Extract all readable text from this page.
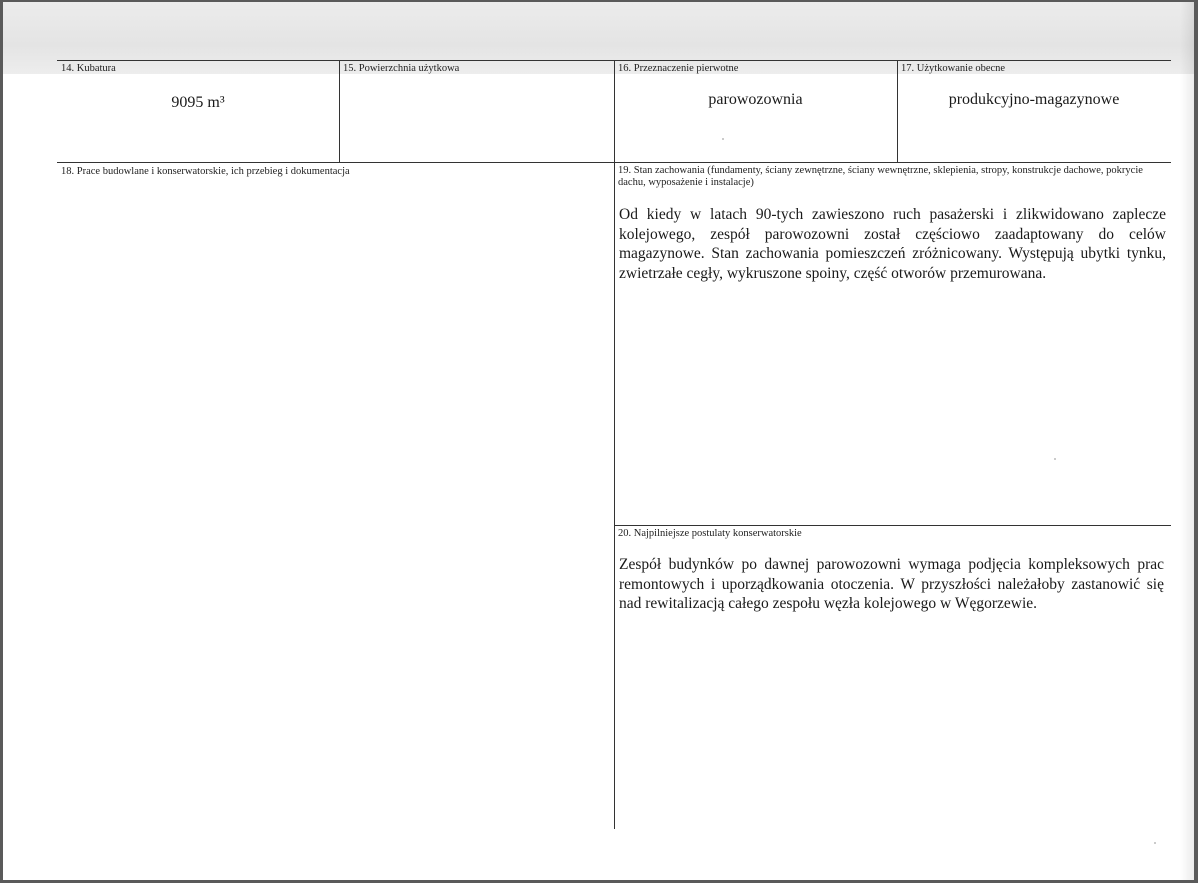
14. Kubatura
9095 m³
15. Powierzchnia użytkowa	16. Przeznaczenie pierwotne
parowozownia
17. Użytkowanie obecne
produkcyjno-magazynowe
18. Prace budowlane i konserwatorskie, ich przebieg i dokumentacja	19. Stan zachowania (fundamenty, ściany zewnętrzne, ściany wewnętrzne, sklepienia, stropy, konstrukcje dachowe, pokrycie dachu, wyposażenie i instalacje)
Od kiedy w latach 90-tych zawieszono ruch pasażerski i zlikwidowano zaplecze kolejowego, zespół parowozowni został częściowo zaadaptowany do celów magazynowe. Stan zachowania pomieszczeń zróżnicowany. Występują ubytki tynku, zwietrzałe cegły, wykruszone spoiny, część otworów przemurowana.
20. Najpilniejsze postulaty konserwatorskie
Zespół budynków po dawnej parowozowni wymaga podjęcia kompleksowych prac remontowych i uporządkowania otoczenia. W przyszłości należałoby zastanowić się nad rewitalizacją całego zespołu węzła kolejowego w Węgorzewie.
